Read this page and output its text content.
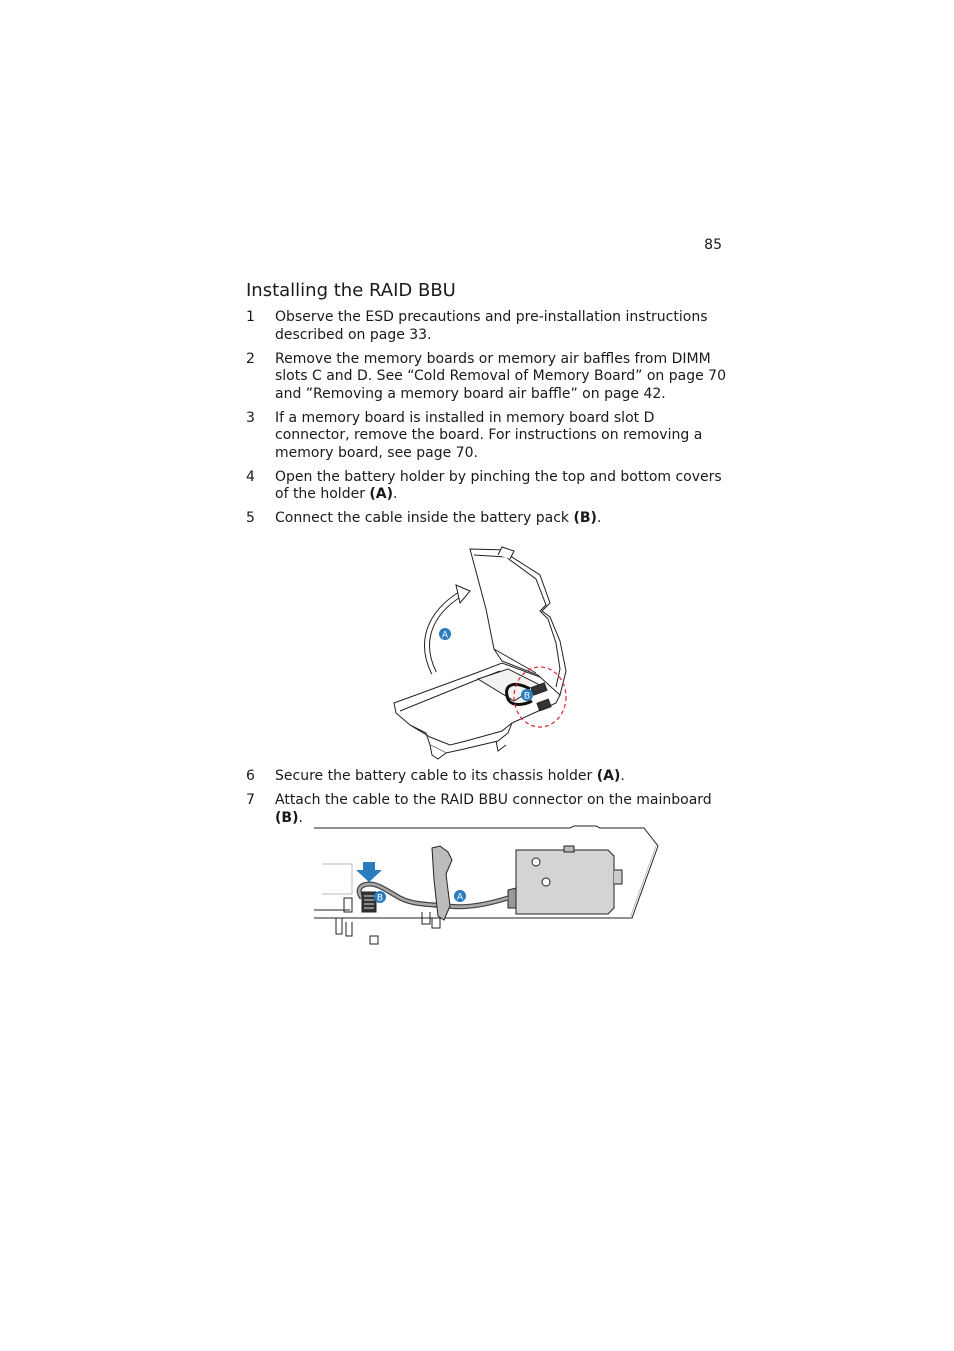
85
Installing the RAID BBU
1 Observe the ESD precautions and pre-installation instructions described on page 33.
2 Remove the memory boards or memory air baffles from DIMM slots C and D. See “Cold Removal of Memory Board” on page 70 and ”Removing a memory board air baffle” on page 42.
3 If a memory board is installed in memory board slot D connector, remove the board. For instructions on removing a memory board, see page 70.
4 Open the battery holder by pinching the top and bottom covers of the holder (A).
5 Connect the cable inside the battery pack (B).
A
B
6 Secure the battery cable to its chassis holder (A).
7 Attach the cable to the RAID BBU connector on the mainboard (B).
A
B
